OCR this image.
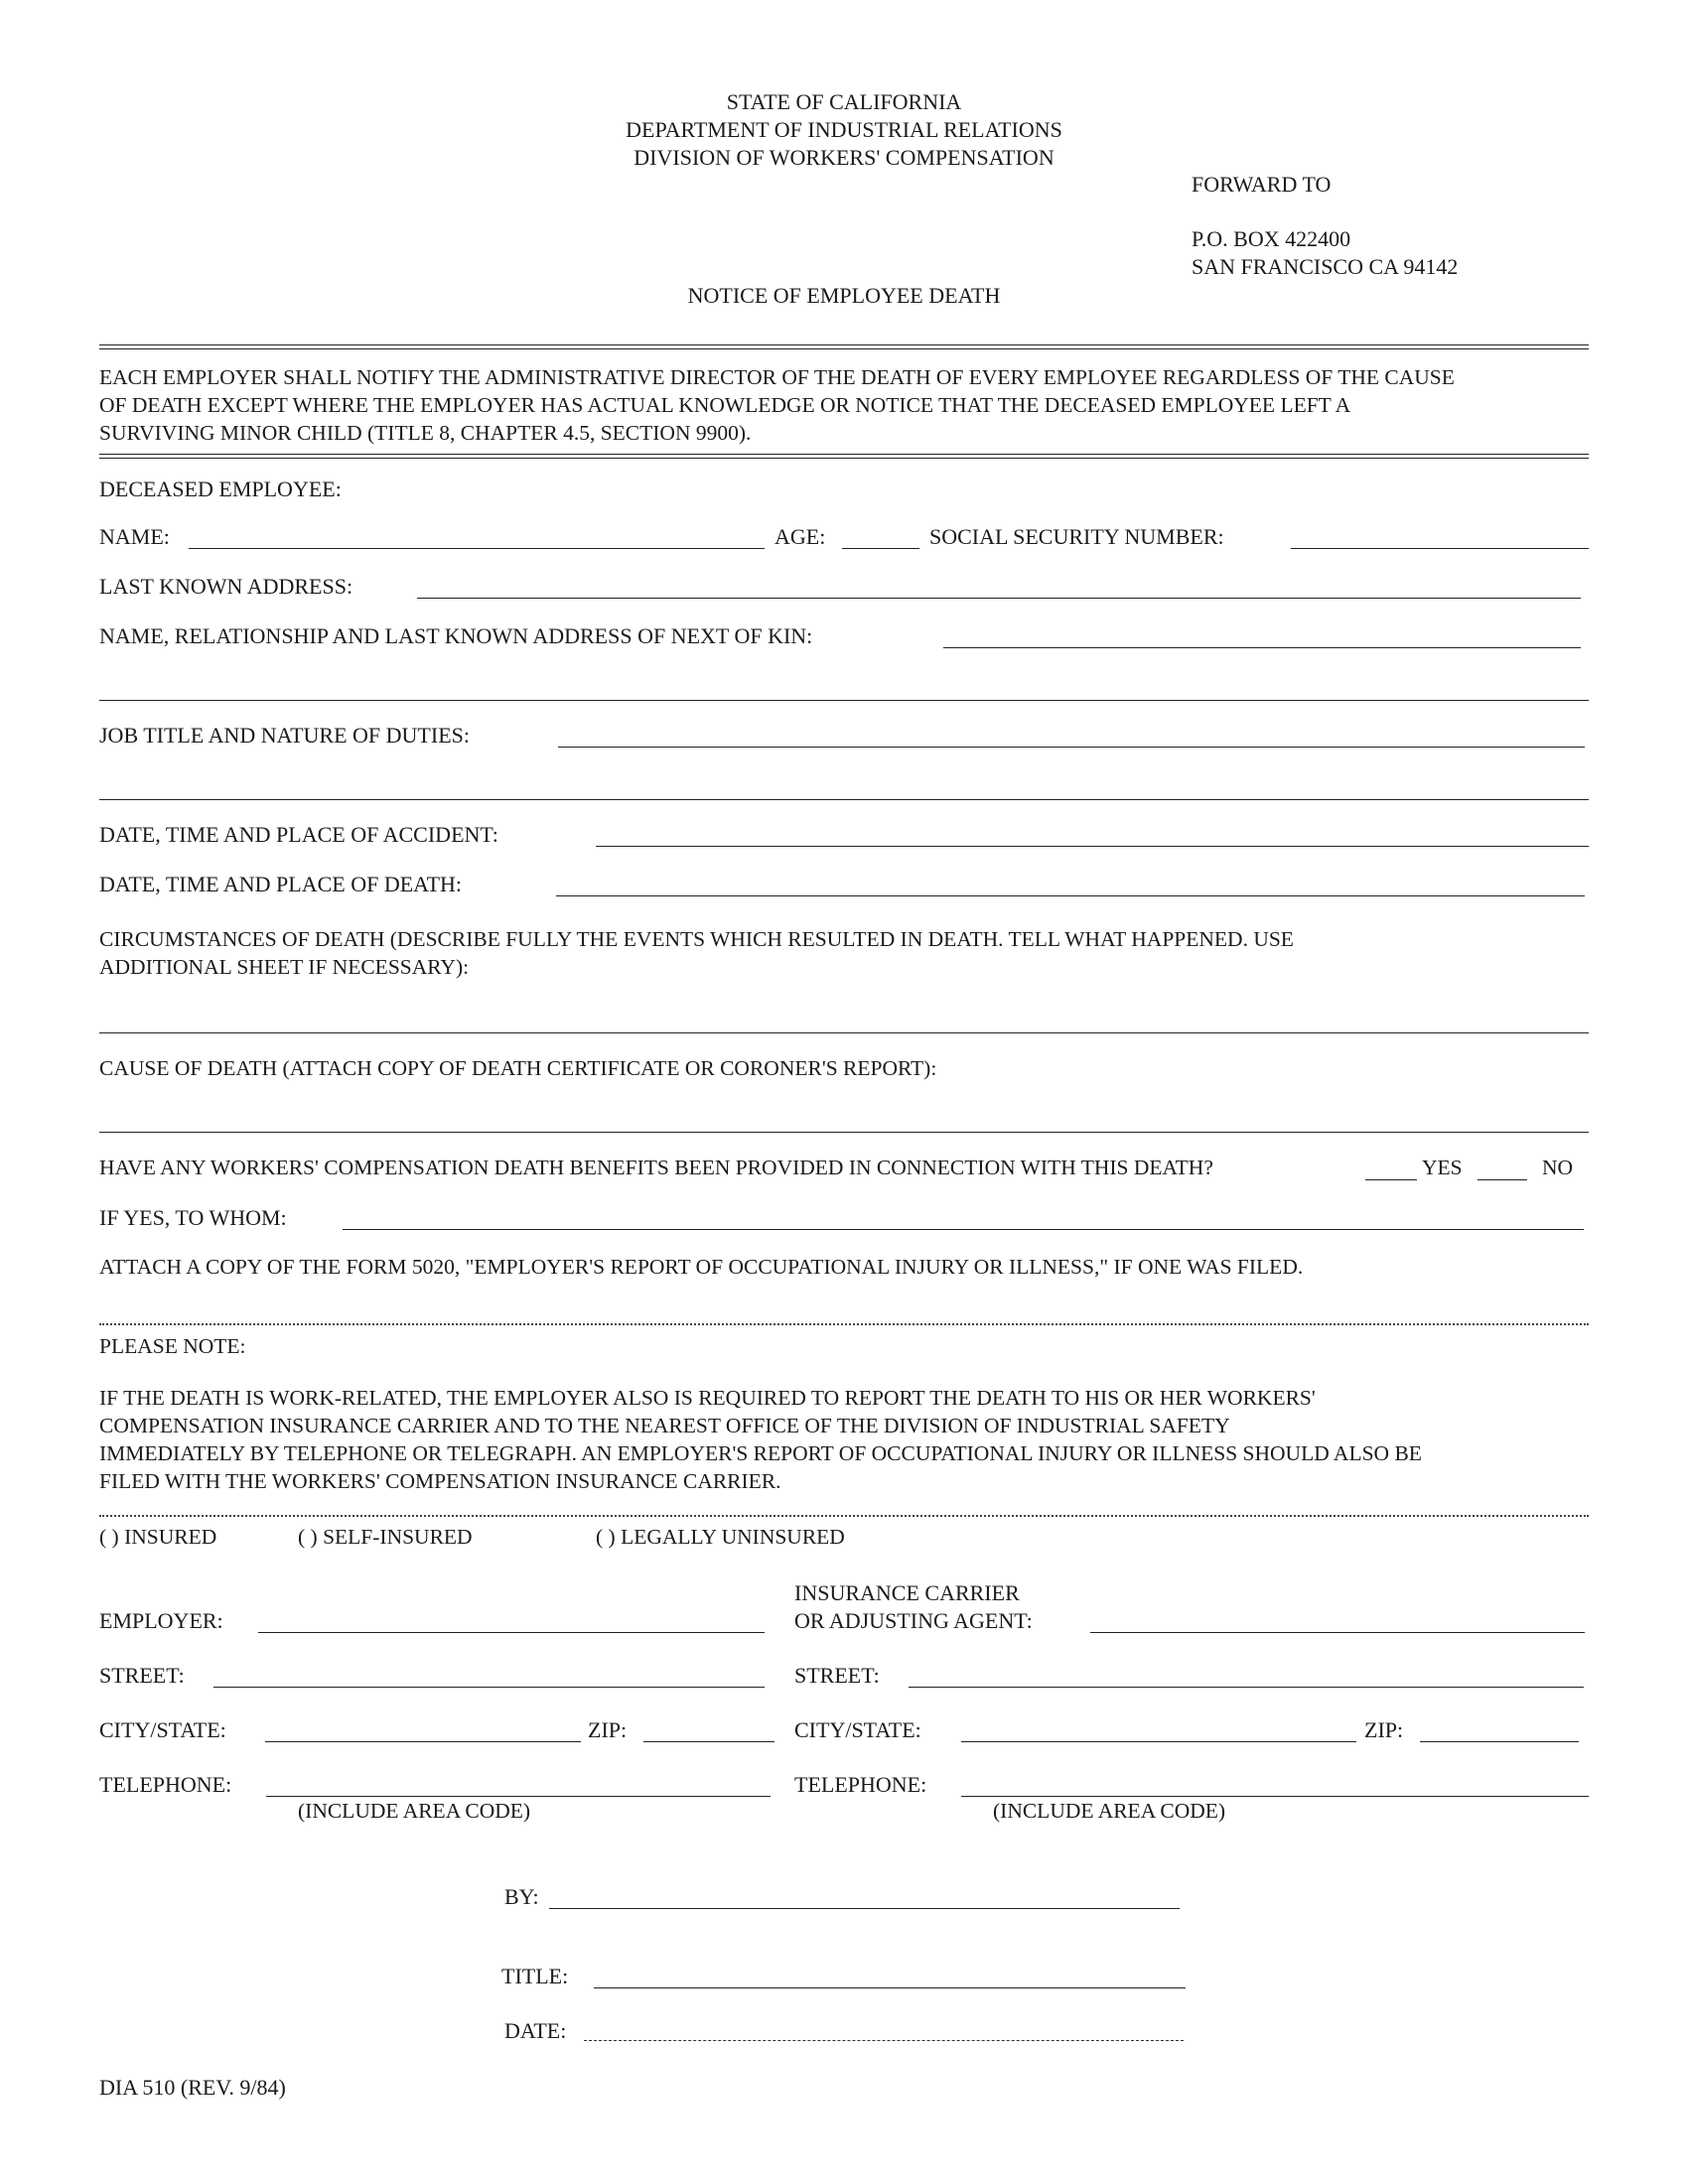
STATE OF CALIFORNIA
DEPARTMENT OF INDUSTRIAL RELATIONS
DIVISION OF WORKERS' COMPENSATION
FORWARD TO
P.O. BOX 422400
SAN FRANCISCO CA 94142
NOTICE OF EMPLOYEE DEATH
EACH EMPLOYER SHALL NOTIFY THE ADMINISTRATIVE DIRECTOR OF THE DEATH OF EVERY EMPLOYEE REGARDLESS OF THE CAUSE
OF DEATH EXCEPT WHERE THE EMPLOYER HAS ACTUAL KNOWLEDGE OR NOTICE THAT THE DECEASED EMPLOYEE LEFT A
SURVIVING MINOR CHILD (TITLE 8, CHAPTER 4.5, SECTION 9900).
DECEASED EMPLOYEE:
NAME:	AGE:	SOCIAL SECURITY NUMBER:
LAST KNOWN ADDRESS:
NAME, RELATIONSHIP AND LAST KNOWN ADDRESS OF NEXT OF KIN:
JOB TITLE AND NATURE OF DUTIES:
DATE, TIME AND PLACE OF ACCIDENT:
DATE, TIME AND PLACE OF DEATH:
CIRCUMSTANCES OF DEATH (DESCRIBE FULLY THE EVENTS WHICH RESULTED IN DEATH. TELL WHAT HAPPENED. USE
ADDITIONAL SHEET IF NECESSARY):
CAUSE OF DEATH (ATTACH COPY OF DEATH CERTIFICATE OR CORONER'S REPORT):
HAVE ANY WORKERS' COMPENSATION DEATH BENEFITS BEEN PROVIDED IN CONNECTION WITH THIS DEATH?	YES	NO
IF YES, TO WHOM:
ATTACH A COPY OF THE FORM 5020, "EMPLOYER'S REPORT OF OCCUPATIONAL INJURY OR ILLNESS," IF ONE WAS FILED.
PLEASE NOTE:
IF THE DEATH IS WORK-RELATED, THE EMPLOYER ALSO IS REQUIRED TO REPORT THE DEATH TO HIS OR HER WORKERS'
COMPENSATION INSURANCE CARRIER AND TO THE NEAREST OFFICE OF THE DIVISION OF INDUSTRIAL SAFETY
IMMEDIATELY BY TELEPHONE OR TELEGRAPH. AN EMPLOYER'S REPORT OF OCCUPATIONAL INJURY OR ILLNESS SHOULD ALSO BE
FILED WITH THE WORKERS' COMPENSATION INSURANCE CARRIER.
( ) INSURED	( ) SELF-INSURED	( ) LEGALLY UNINSURED
EMPLOYER:
STREET:
CITY/STATE:	ZIP:
TELEPHONE:
(INCLUDE AREA CODE)
INSURANCE CARRIER
OR ADJUSTING AGENT:
STREET:
CITY/STATE:	ZIP:
TELEPHONE:
(INCLUDE AREA CODE)
BY:
TITLE:
DATE:
DIA 510 (REV. 9/84)
